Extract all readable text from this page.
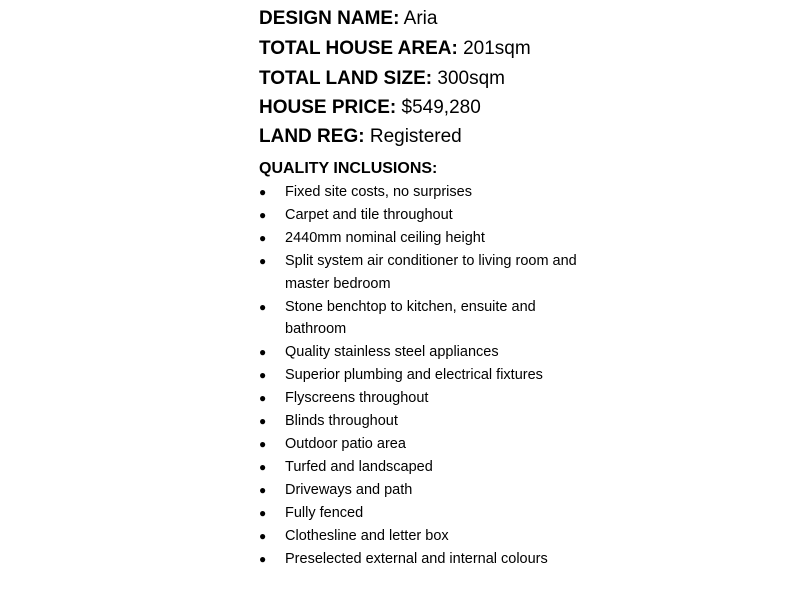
DESIGN NAME: Aria
TOTAL HOUSE AREA: 201sqm
TOTAL LAND SIZE: 300sqm
HOUSE PRICE: $549,280
LAND REG: Registered
QUALITY INCLUSIONS:
● Fixed site costs, no surprises
● Carpet and tile throughout
● 2440mm nominal ceiling height
● Split system air conditioner to living room and master bedroom
● Stone benchtop to kitchen, ensuite and bathroom
● Quality stainless steel appliances
● Superior plumbing and electrical fixtures
● Flyscreens throughout
● Blinds throughout
● Outdoor patio area
● Turfed and landscaped
● Driveways and path
● Fully fenced
● Clothesline and letter box
● Preselected external and internal colours
